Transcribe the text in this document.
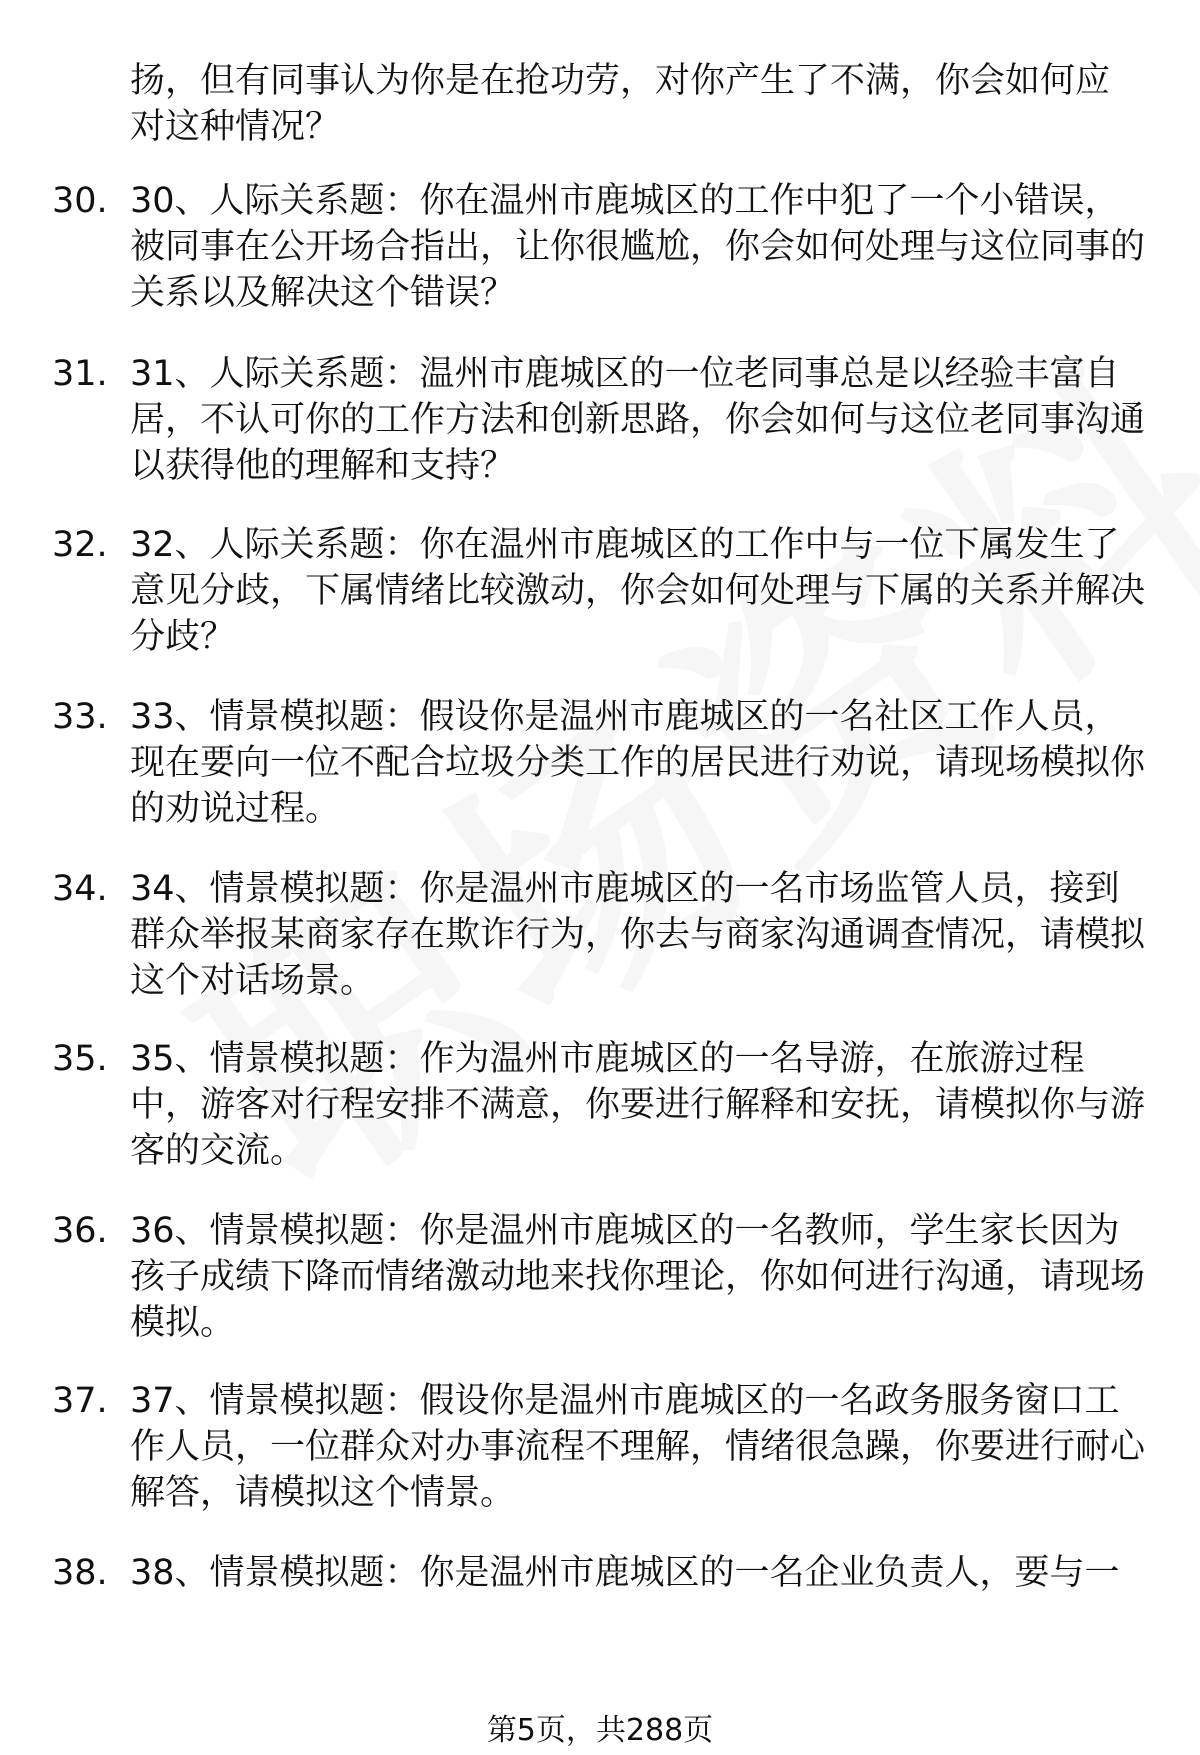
扬，但有同事认为你是在抢功劳，对你产生了不满，你会如何应对这种情况？
30. 30、人际关系题：你在温州市鹿城区的工作中犯了一个小错误，被同事在公开场合指出，让你很尴尬，你会如何处理与这位同事的关系以及解决这个错误？
31. 31、人际关系题：温州市鹿城区的一位老同事总是以经验丰富自居，不认可你的工作方法和创新思路，你会如何与这位老同事沟通以获得他的理解和支持？
32. 32、人际关系题：你在温州市鹿城区的工作中与一位下属发生了意见分歧，下属情绪比较激动，你会如何处理与下属的关系并解决分歧？
33. 33、情景模拟题：假设你是温州市鹿城区的一名社区工作人员，现在要向一位不配合垃圾分类工作的居民进行劝说，请现场模拟你的劝说过程。
34. 34、情景模拟题：你是温州市鹿城区的一名市场监管人员，接到群众举报某商家存在欺诈行为，你去与商家沟通调查情况，请模拟这个对话场景。
35. 35、情景模拟题：作为温州市鹿城区的一名导游，在旅游过程中，游客对行程安排不满意，你要进行解释和安抚，请模拟你与游客的交流。
36. 36、情景模拟题：你是温州市鹿城区的一名教师，学生家长因为孩子成绩下降而情绪激动地来找你理论，你如何进行沟通，请现场模拟。
37. 37、情景模拟题：假设你是温州市鹿城区的一名政务服务窗口工作人员，一位群众对办事流程不理解，情绪很急躁，你要进行耐心解答，请模拟这个情景。
38. 38、情景模拟题：你是温州市鹿城区的一名企业负责人，要与一
第5页，共288页
